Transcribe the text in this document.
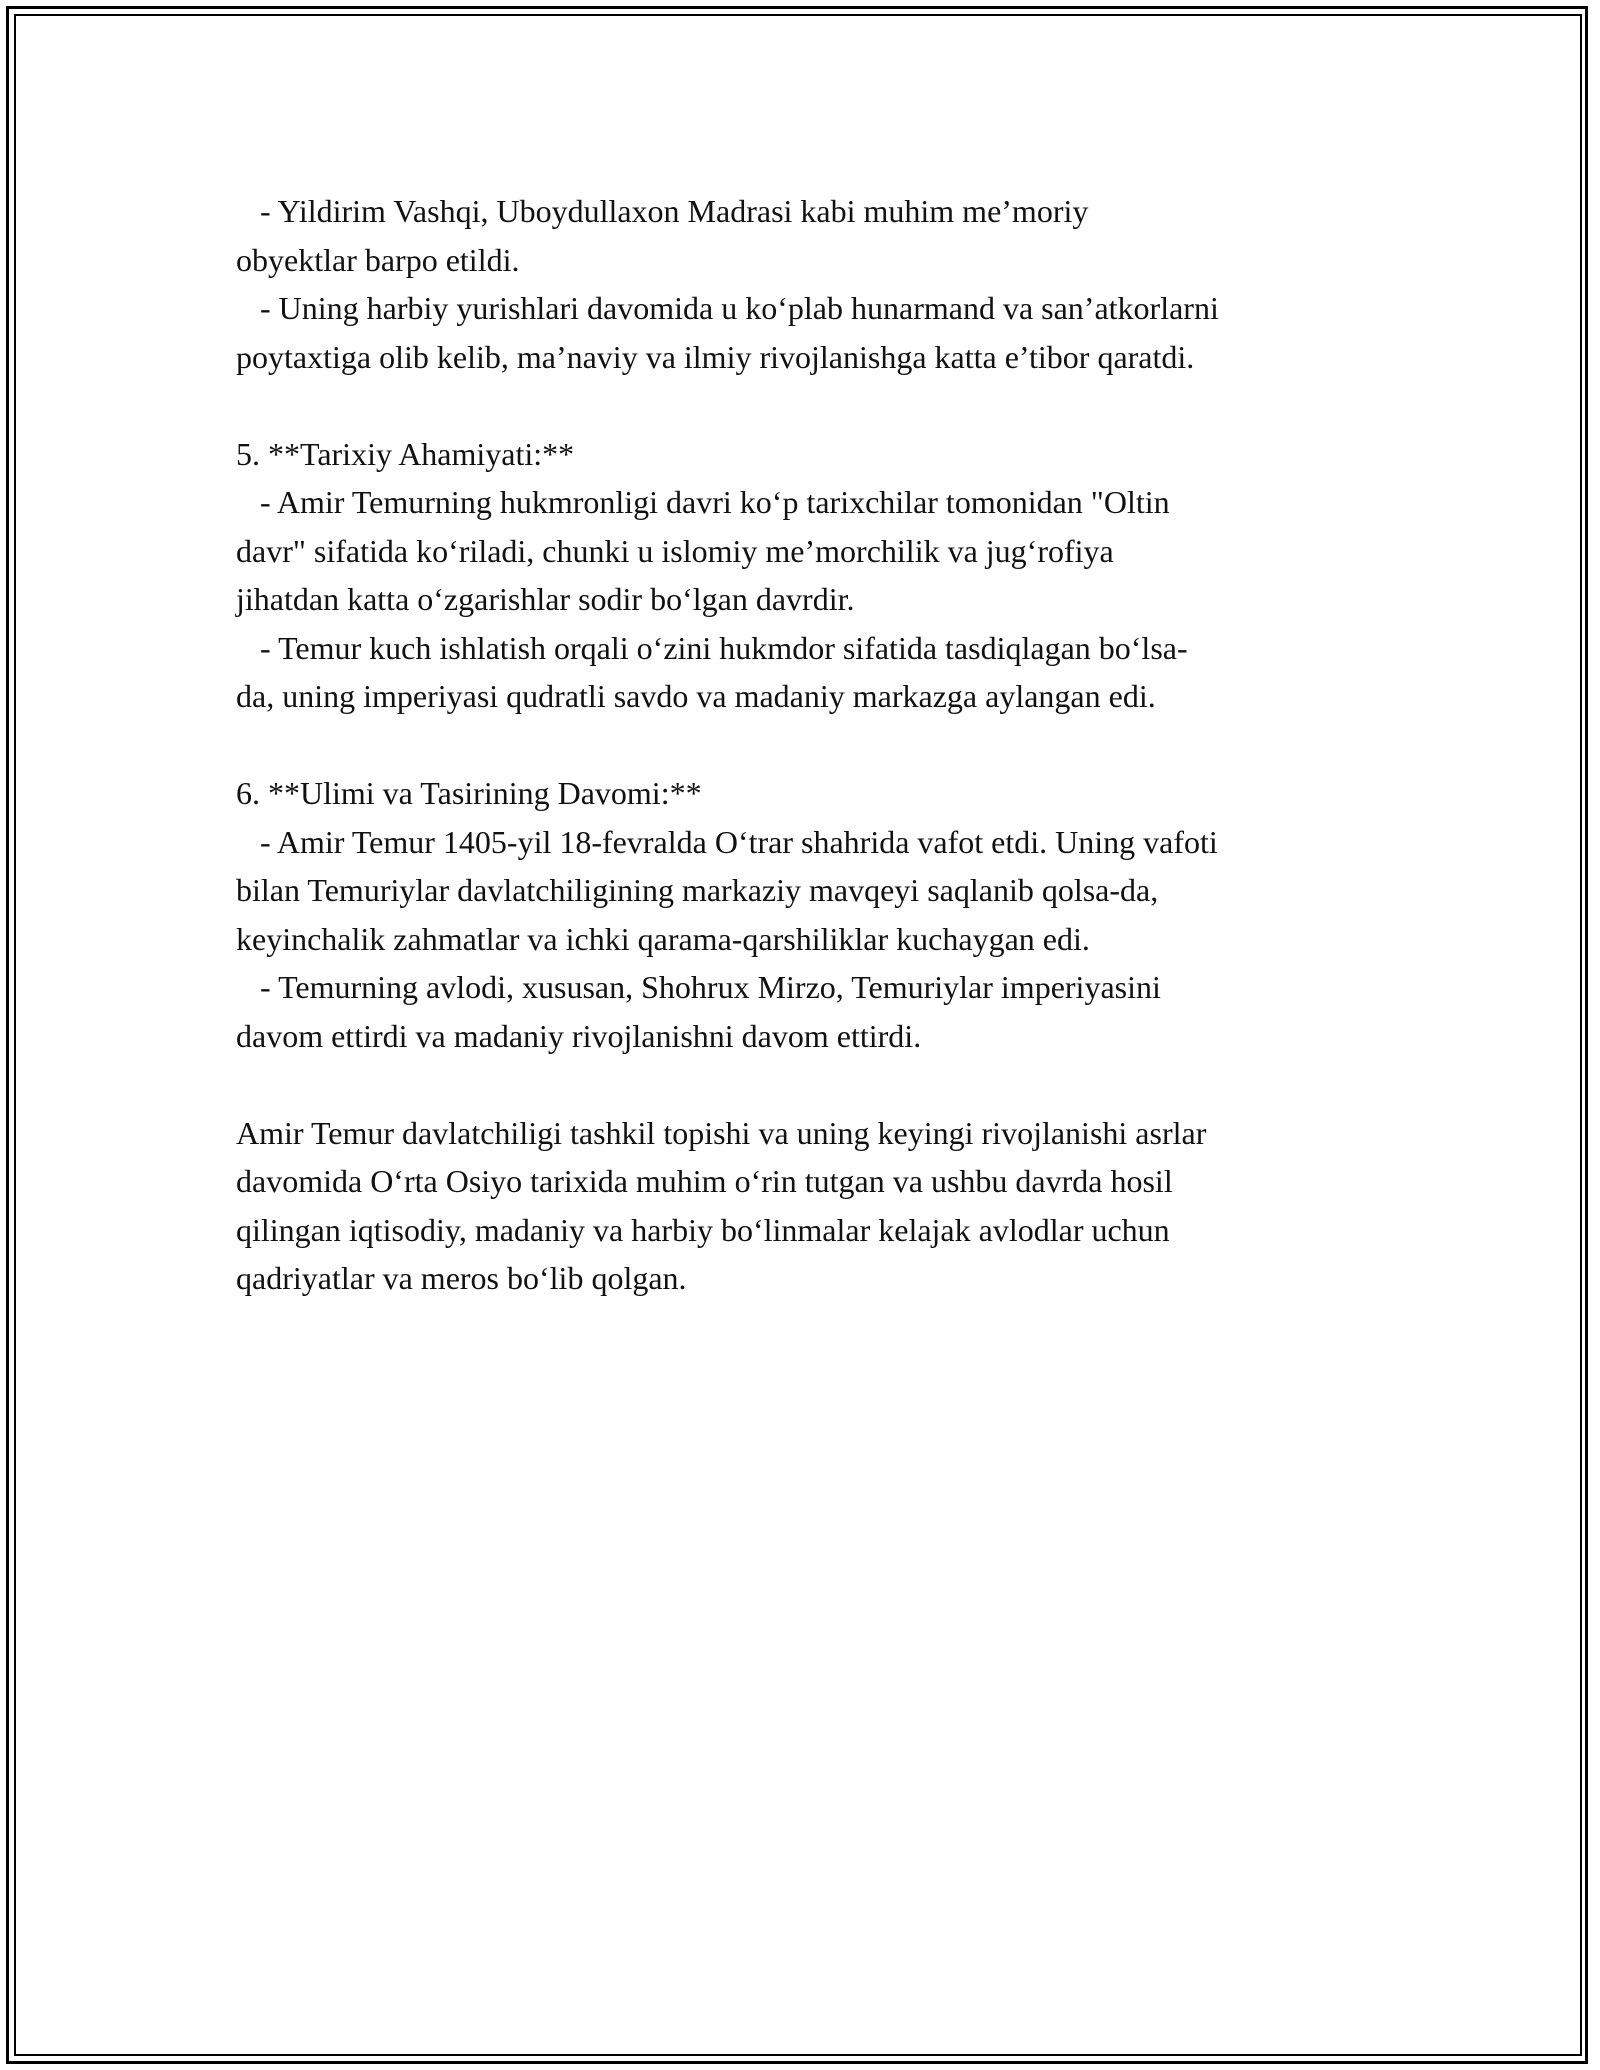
- Yildirim Vashqi, Uboydullaxon Madrasi kabi muhim me’moriy
obyektlar barpo etildi.
- Uning harbiy yurishlari davomida u ko‘plab hunarmand va san’atkorlarni
poytaxtiga olib kelib, ma’naviy va ilmiy rivojlanishga katta e’tibor qaratdi.
5. **Tarixiy Ahamiyati:**
- Amir Temurning hukmronligi davri ko‘p tarixchilar tomonidan "Oltin
davr" sifatida ko‘riladi, chunki u islomiy me’morchilik va jug‘rofiya
jihatdan katta o‘zgarishlar sodir bo‘lgan davrdir.
- Temur kuch ishlatish orqali o‘zini hukmdor sifatida tasdiqlagan bo‘lsa-
da, uning imperiyasi qudratli savdo va madaniy markazga aylangan edi.
6. **Ulimi va Tasirining Davomi:**
- Amir Temur 1405-yil 18-fevralda O‘trar shahrida vafot etdi. Uning vafoti
bilan Temuriylar davlatchiligining markaziy mavqeyi saqlanib qolsa-da,
keyinchalik zahmatlar va ichki qarama-qarshiliklar kuchaygan edi.
- Temurning avlodi, xususan, Shohrux Mirzo, Temuriylar imperiyasini
davom ettirdi va madaniy rivojlanishni davom ettirdi.
Amir Temur davlatchiligi tashkil topishi va uning keyingi rivojlanishi asrlar
davomida O‘rta Osiyo tarixida muhim o‘rin tutgan va ushbu davrda hosil
qilingan iqtisodiy, madaniy va harbiy bo‘linmalar kelajak avlodlar uchun
qadriyatlar va meros bo‘lib qolgan.
